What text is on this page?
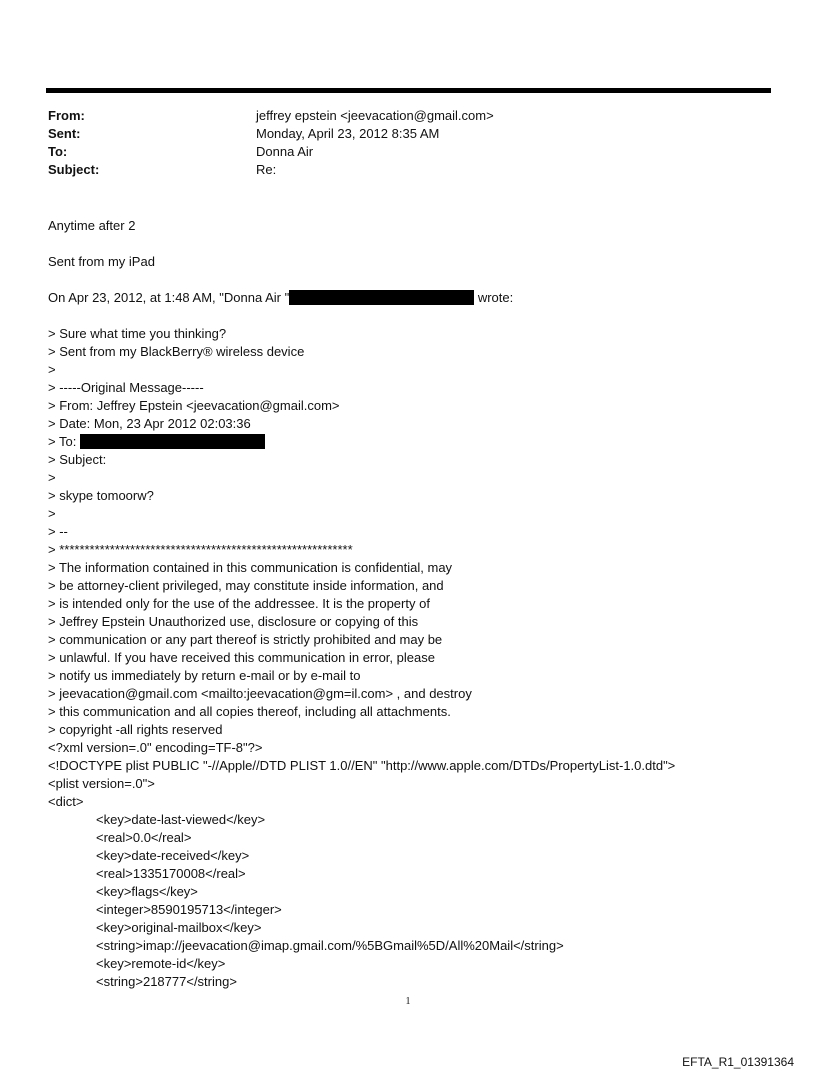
From:	jeffrey epstein <jeevacation@gmail.com>
Sent:	Monday, April 23, 2012 8:35 AM
To:	Donna Air
Subject:	Re:
Anytime after 2
Sent from my iPad
On Apr 23, 2012, at 1:48 AM, "Donna Air "	wrote:
> Sure what time you thinking?
> Sent from my BlackBerry® wireless device
>
> -----Original Message-----
> From: Jeffrey Epstein <jeevacation@gmail.com>
> Date: Mon, 23 Apr 2012 02:03:36
> To:
> Subject:
>
> skype tomoorw?
>
> --
> **********************************************************
> The information contained in this communication is confidential, may
> be attorney-client privileged, may constitute inside information, and
> is intended only for the use of the addressee. It is the property of
> Jeffrey Epstein Unauthorized use, disclosure or copying of this
> communication or any part thereof is strictly prohibited and may be
> unlawful. If you have received this communication in error, please
> notify us immediately by return e-mail or by e-mail to
> jeevacation@gmail.com <mailto:jeevacation@gm=il.com> , and destroy
> this communication and all copies thereof, including all attachments.
> copyright -all rights reserved
<?xml version=.0" encoding=TF-8"?>
<!DOCTYPE plist PUBLIC "-//Apple//DTD PLIST 1.0//EN" "http://www.apple.com/DTDs/PropertyList-1.0.dtd">
<plist version=.0">
<dict>
<key>date-last-viewed</key>
<real>0.0</real>
<key>date-received</key>
<real>1335170008</real>
<key>flags</key>
<integer>8590195713</integer>
<key>original-mailbox</key>
<string>imap://jeevacation@imap.gmail.com/%5BGmail%5D/All%20Mail</string>
<key>remote-id</key>
<string>218777</string>
1
EFTA_R1_01391364
